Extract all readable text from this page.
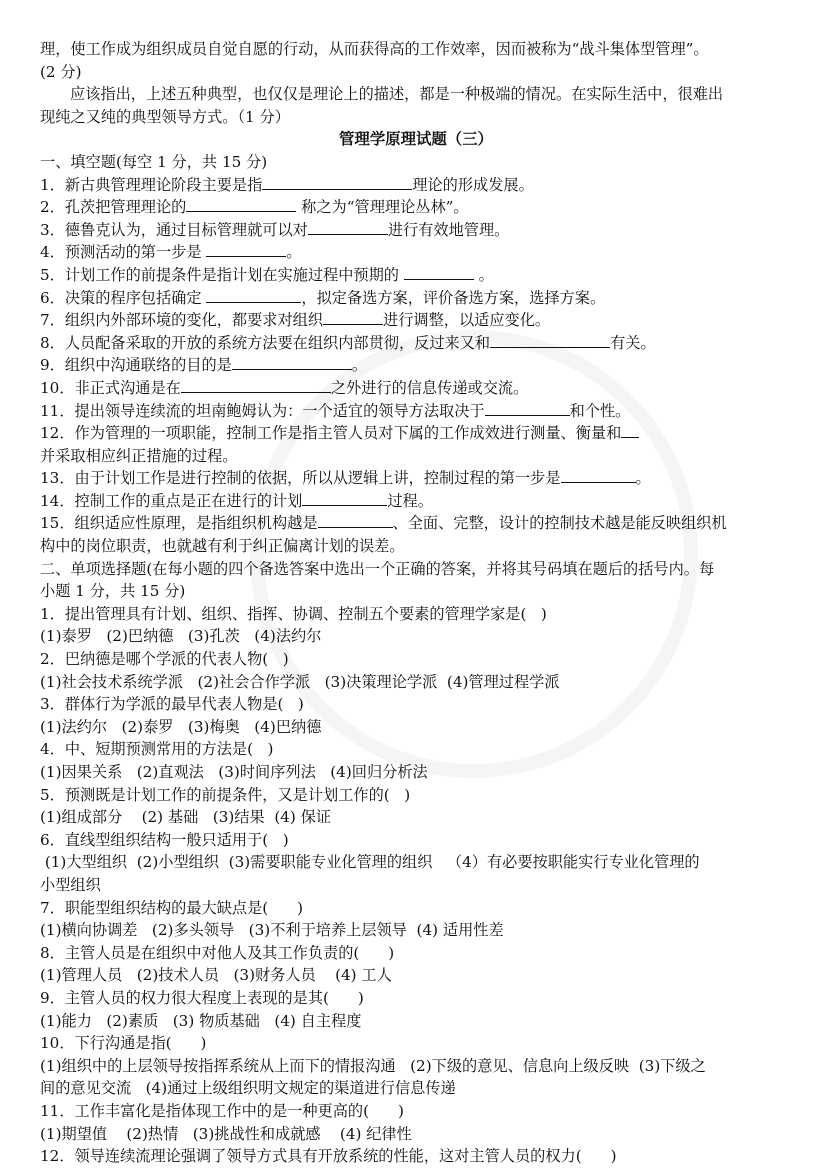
理，使工作成为组织成员自觉自愿的行动，从而获得高的工作效率，因而被称为“战斗集体型管理”。
(2 分)
应该指出，上述五种典型，也仅仅是理论上的描述，都是一种极端的情况。在实际生活中，很难出
现纯之又纯的典型领导方式。（1 分）
管理学原理试题（三）
一、填空题(每空 1 分，共 15 分)
1．新古典管理理论阶段主要是指	理论的形成发展。
2．孔茨把管理理论的	称之为“管理理论丛林”。
3．德鲁克认为，通过目标管理就可以对	进行有效地管理。
4．预测活动的第一步是	。
5．计划工作的前提条件是指计划在实施过程中预期的	。
6．决策的程序包括确定	，拟定备选方案，评价备选方案，选择方案。
7．组织内外部环境的变化，都要求对组织	进行调整，以适应变化。
8．人员配备采取的开放的系统方法要在组织内部贯彻，反过来又和	有关。
9．组织中沟通联络的目的是	。
10．非正式沟通是在	之外进行的信息传递或交流。
11．提出领导连续流的坦南鲍姆认为：一个适宜的领导方法取决于	和个性。
12．作为管理的一项职能，控制工作是指主管人员对下属的工作成效进行测量、衡量和
并采取相应纠正措施的过程。
13．由于计划工作是进行控制的依据，所以从逻辑上讲，控制过程的第一步是	。
14．控制工作的重点是正在进行的计划	过程。
15．组织适应性原理，是指组织机构越是	、全面、完整，设计的控制技术越是能反映组织机
构中的岗位职责，也就越有利于纠正偏离计划的误差。
二、单项选择题(在每小题的四个备选答案中选出一个正确的答案，并将其号码填在题后的括号内。每
小题 1 分，共 15 分)
1．提出管理具有计划、组织、指挥、协调、控制五个要素的管理学家是(   )
(1)泰罗   (2)巴纳德   (3)孔茨   (4)法约尔
2．巴纳德是哪个学派的代表人物(   )
(1)社会技术系统学派   (2)社会合作学派   (3)决策理论学派  (4)管理过程学派
3．群体行为学派的最早代表人物是(   )
(1)法约尔   (2)泰罗   (3)梅奥   (4)巴纳德
4．中、短期预测常用的方法是(   )
(1)因果关系   (2)直观法   (3)时间序列法   (4)回归分析法
5．预测既是计划工作的前提条件，又是计划工作的(   )
(1)组成部分    (2) 基础   (3)结果  (4) 保证
6．直线型组织结构一般只适用于(   )
(1)大型组织  (2)小型组织  (3)需要职能专业化管理的组织   （4）有必要按职能实行专业化管理的
小型组织
7．职能型组织结构的最大缺点是(      )
(1)横向协调差   (2)多头领导   (3)不利于培养上层领导  (4) 适用性差
8．主管人员是在组织中对他人及其工作负责的(      )
(1)管理人员   (2)技术人员   (3)财务人员    (4) 工人
9．主管人员的权力很大程度上表现的是其(      )
(1)能力   (2)素质   (3) 物质基础   (4) 自主程度
10．下行沟通是指(      )
(1)组织中的上层领导按指挥系统从上而下的情报沟通   (2)下级的意见、信息向上级反映  (3)下级之
间的意见交流   (4)通过上级组织明文规定的渠道进行信息传递
11．工作丰富化是指体现工作中的是一种更高的(      )
(1)期望值    (2)热情   (3)挑战性和成就感    (4) 纪律性
12．领导连续流理论强调了领导方式具有开放系统的性能，这对主管人员的权力(      )
